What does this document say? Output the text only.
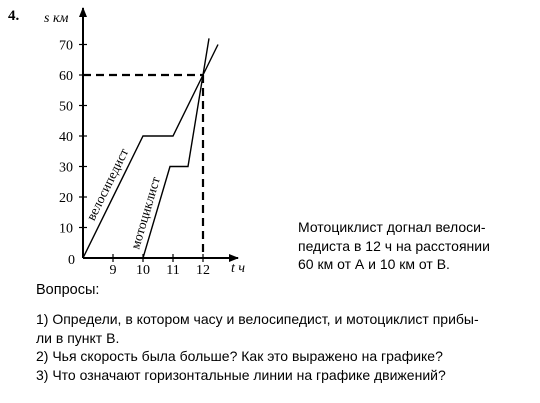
4.
70
60
50
40
30
20
10
9 10 11 12
s км
t ч
0
велосипедист
мотоциклист	Мотоциклист догнал велоси-
педиста в 12 ч на расстоянии
60 км от А и 10 км от В.
Вопросы:
1) Определи, в котором часу и велосипедист, и мотоциклист прибы-
ли в пункт В.
2) Чья скорость была больше? Как это выражено на графике?
3) Что означают горизонтальные линии на графике движений?
